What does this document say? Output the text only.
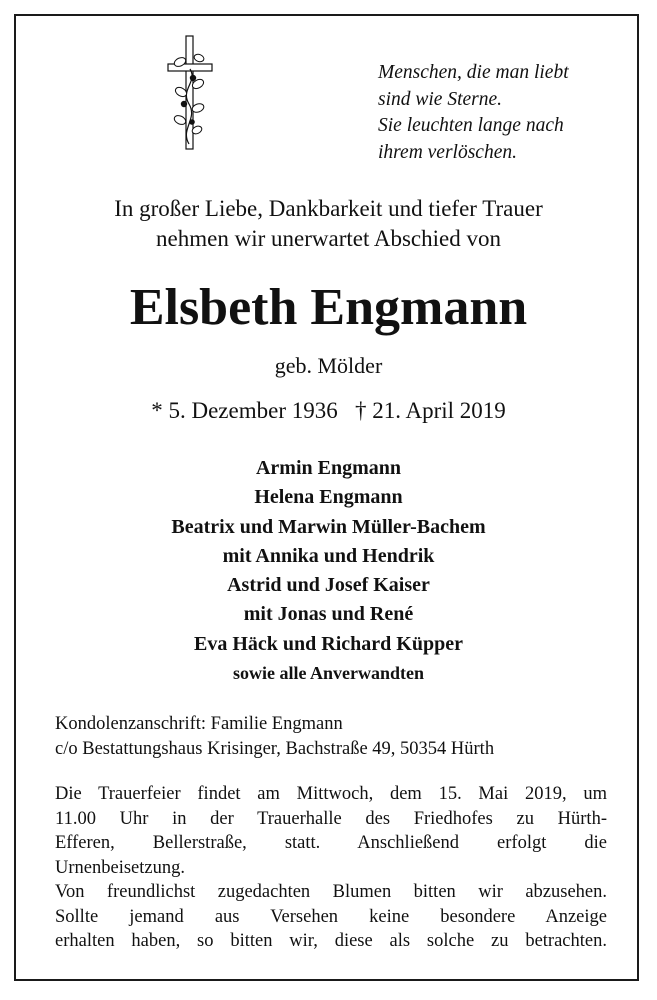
Menschen, die man liebt
sind wie Sterne.
Sie leuchten lange nach
ihrem verlöschen.
In großer Liebe, Dankbarkeit und tiefer Trauer
nehmen wir unerwartet Abschied von
Elsbeth Engmann
geb. Mölder
* 5. Dezember 1936   † 21. April 2019
Armin Engmann
Helena Engmann
Beatrix und Marwin Müller-Bachem
mit Annika und Hendrik
Astrid und Josef Kaiser
mit Jonas und René
Eva Häck und Richard Küpper
sowie alle Anverwandten
Kondolenzanschrift: Familie Engmann
c/o Bestattungshaus Krisinger, Bachstraße 49, 50354 Hürth
Die Trauerfeier findet am Mittwoch, dem 15. Mai 2019, um
11.00 Uhr in der Trauerhalle des Friedhofes zu Hürth-
Efferen, Bellerstraße, statt. Anschließend erfolgt die
Urnenbeisetzung.
Von freundlichst zugedachten Blumen bitten wir abzusehen.
Sollte jemand aus Versehen keine besondere Anzeige
erhalten haben, so bitten wir, diese als solche zu betrachten.
